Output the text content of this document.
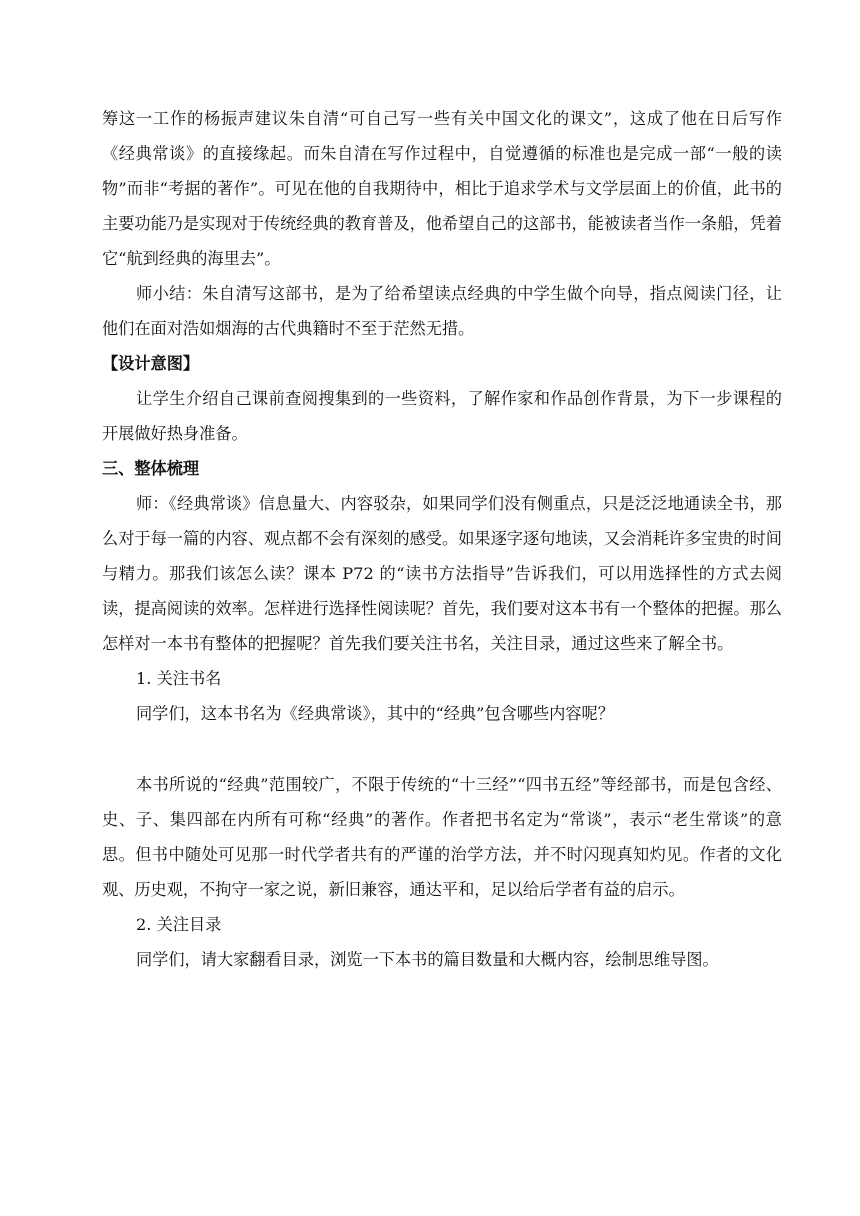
筹这一工作的杨振声建议朱自清“可自己写一些有关中国文化的课文”，这成了他在日后写作《经典常谈》的直接缘起。而朱自清在写作过程中，自觉遵循的标准也是完成一部“一般的读物”而非“考据的著作”。可见在他的自我期待中，相比于追求学术与文学层面上的价值，此书的主要功能乃是实现对于传统经典的教育普及，他希望自己的这部书，能被读者当作一条船，凭着它“航到经典的海里去”。

师小结：朱自清写这部书，是为了给希望读点经典的中学生做个向导，指点阅读门径，让他们在面对浩如烟海的古代典籍时不至于茫然无措。

【设计意图】

让学生介绍自己课前查阅搜集到的一些资料，了解作家和作品创作背景，为下一步课程的开展做好热身准备。

三、整体梳理

师：《经典常谈》信息量大、内容驳杂，如果同学们没有侧重点，只是泛泛地通读全书，那么对于每一篇的内容、观点都不会有深刻的感受。如果逐字逐句地读，又会消耗许多宝贵的时间与精力。那我们该怎么读？课本 P72 的“读书方法指导”告诉我们，可以用选择性的方式去阅读，提高阅读的效率。怎样进行选择性阅读呢？首先，我们要对这本书有一个整体的把握。那么怎样对一本书有整体的把握呢？首先我们要关注书名，关注目录，通过这些来了解全书。

1. 关注书名

同学们，这本书名为《经典常谈》，其中的“经典”包含哪些内容呢？

本书所说的“经典”范围较广，不限于传统的“十三经”“四书五经”等经部书，而是包含经、史、子、集四部在内所有可称“经典”的著作。作者把书名定为“常谈”，表示“老生常谈”的意思。但书中随处可见那一时代学者共有的严谨的治学方法，并不时闪现真知灼见。作者的文化观、历史观，不拘守一家之说，新旧兼容，通达平和，足以给后学者有益的启示。

2. 关注目录

同学们，请大家翻看目录，浏览一下本书的篇目数量和大概内容，绘制思维导图。
